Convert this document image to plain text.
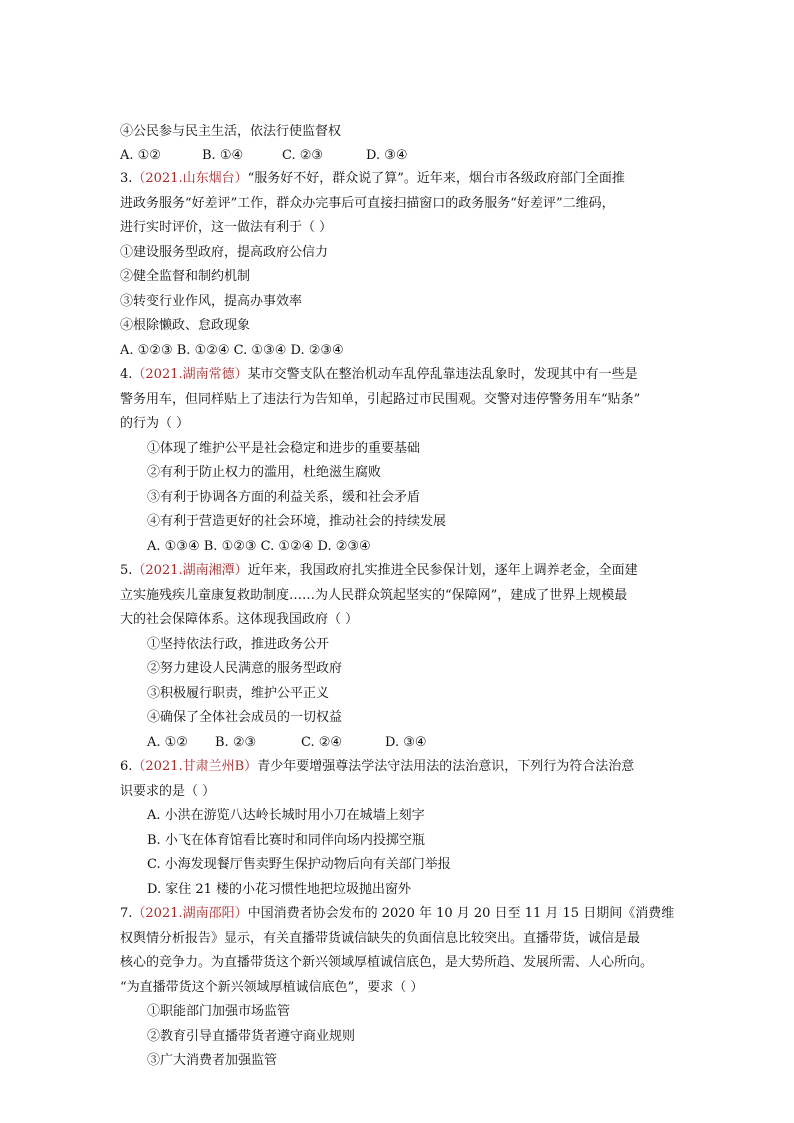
④公民参与民主生活，依法行使监督权
A. ①②	B. ①④	C. ②③	D. ③④
3.（2021.山东烟台）“服务好不好，群众说了算”。近年来，烟台市各级政府部门全面推
进政务服务“好差评”工作，群众办完事后可直接扫描窗口的政务服务“好差评”二维码，
进行实时评价，这一做法有利于（ ）
①建设服务型政府，提高政府公信力
②健全监督和制约机制
③转变行业作风，提高办事效率
④根除懒政、怠政现象
A. ①②③ B. ①②④ C. ①③④ D. ②③④
4.（2021.湖南常德）某市交警支队在整治机动车乱停乱靠违法乱象时，发现其中有一些是
警务用车，但同样贴上了违法行为告知单，引起路过市民围观。交警对违停警务用车“贴条”
的行为（ ）
①体现了维护公平是社会稳定和进步的重要基础
②有利于防止权力的滥用，杜绝滋生腐败
③有利于协调各方面的利益关系，缓和社会矛盾
④有利于营造更好的社会环境，推动社会的持续发展
A. ①③④ B. ①②③ C. ①②④ D. ②③④
5.（2021.湖南湘潭）近年来，我国政府扎实推进全民参保计划，逐年上调养老金，全面建
立实施残疾儿童康复救助制度……为人民群众筑起坚实的“保障网”，建成了世界上规模最
大的社会保障体系。这体现我国政府（ ）
①坚持依法行政，推进政务公开
②努力建设人民满意的服务型政府
③积极履行职责，维护公平正义
④确保了全体社会成员的一切权益
A. ①② B. ②③	C. ②④	D. ③④
6.（2021.甘肃兰州B）青少年要增强尊法学法守法用法的法治意识，下列行为符合法治意
识要求的是（ ）
A. 小洪在游览八达岭长城时用小刀在城墙上刻字
B. 小飞在体育馆看比赛时和同伴向场内投掷空瓶
C. 小海发现餐厅售卖野生保护动物后向有关部门举报
D. 家住 21 楼的小花习惯性地把垃圾抛出窗外
7.（2021.湖南邵阳）中国消费者协会发布的 2020 年 10 月 20 日至 11 月 15 日期间《消费维
权舆情分析报告》显示，有关直播带货诚信缺失的负面信息比较突出。直播带货，诚信是最
核心的竞争力。为直播带货这个新兴领域厚植诚信底色，是大势所趋、发展所需、人心所向。
“为直播带货这个新兴领域厚植诚信底色”，要求（ ）
①职能部门加强市场监管
②教育引导直播带货者遵守商业规则
③广大消费者加强监管
